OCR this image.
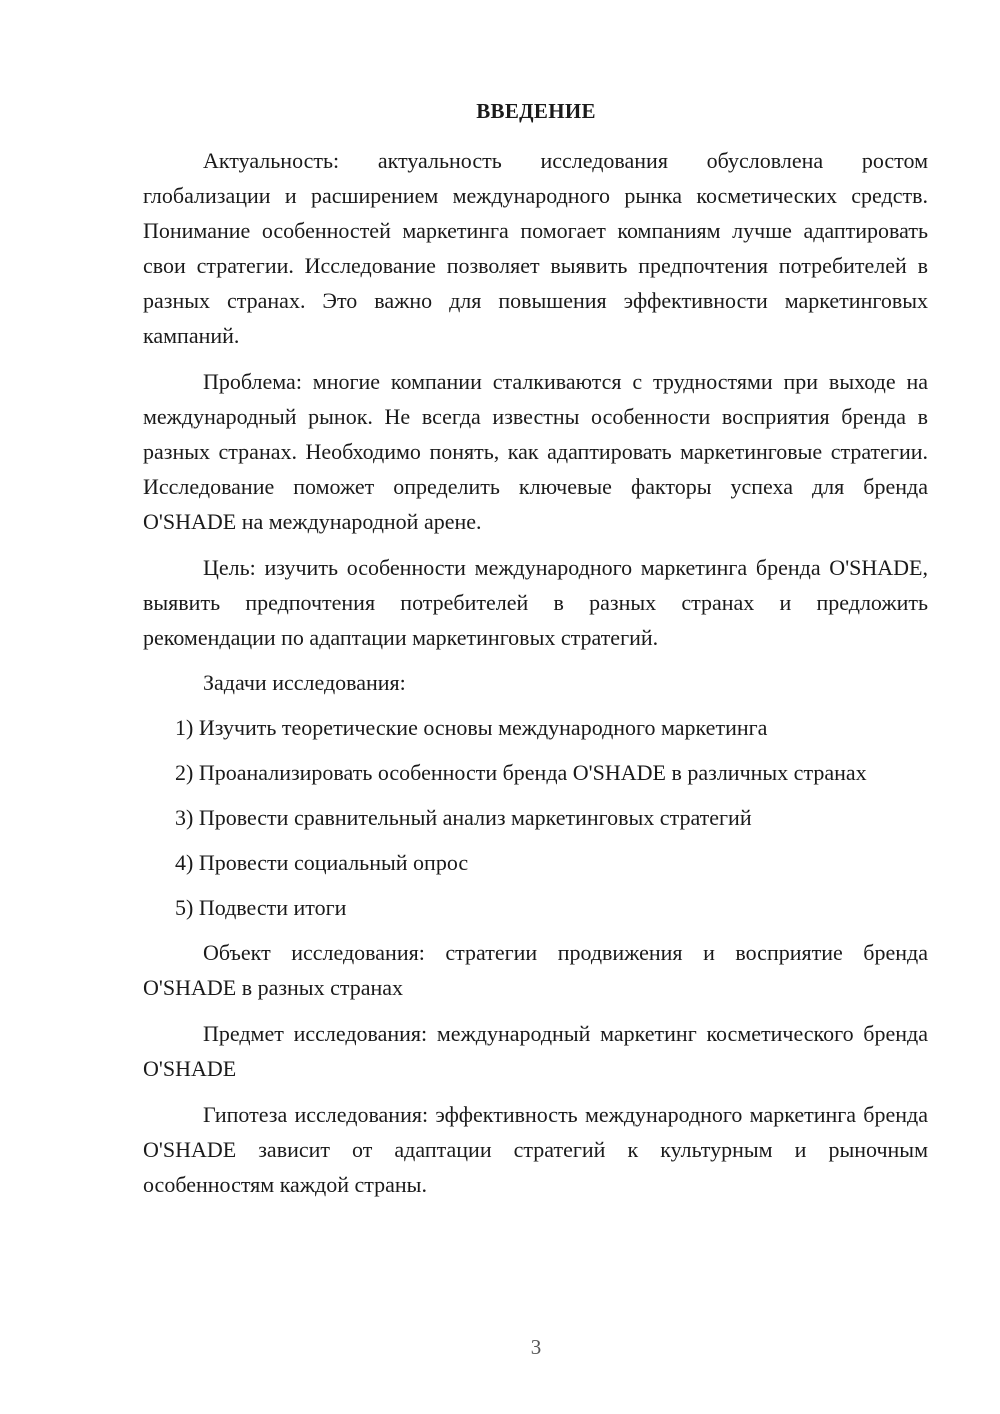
ВВЕДЕНИЕ

Актуальность: актуальность исследования обусловлена ростом глобализации и расширением международного рынка косметических средств. Понимание особенностей маркетинга помогает компаниям лучше адаптировать свои стратегии. Исследование позволяет выявить предпочтения потребителей в разных странах. Это важно для повышения эффективности маркетинговых кампаний.

Проблема: многие компании сталкиваются с трудностями при выходе на международный рынок. Не всегда известны особенности восприятия бренда в разных странах. Необходимо понять, как адаптировать маркетинговые стратегии. Исследование поможет определить ключевые факторы успеха для бренда O'SHADE на международной арене.

Цель: изучить особенности международного маркетинга бренда O'SHADE, выявить предпочтения потребителей в разных странах и предложить рекомендации по адаптации маркетинговых стратегий.

Задачи исследования:

1) Изучить теоретические основы международного маркетинга

2) Проанализировать особенности бренда O'SHADE в различных странах

3) Провести сравнительный анализ маркетинговых стратегий

4) Провести социальный опрос

5) Подвести итоги

Объект исследования: стратегии продвижения и восприятие бренда O'SHADE в разных странах

Предмет исследования: международный маркетинг косметического бренда O'SHADE

Гипотеза исследования: эффективность международного маркетинга бренда O'SHADE зависит от адаптации стратегий к культурным и рыночным особенностям каждой страны.

3
